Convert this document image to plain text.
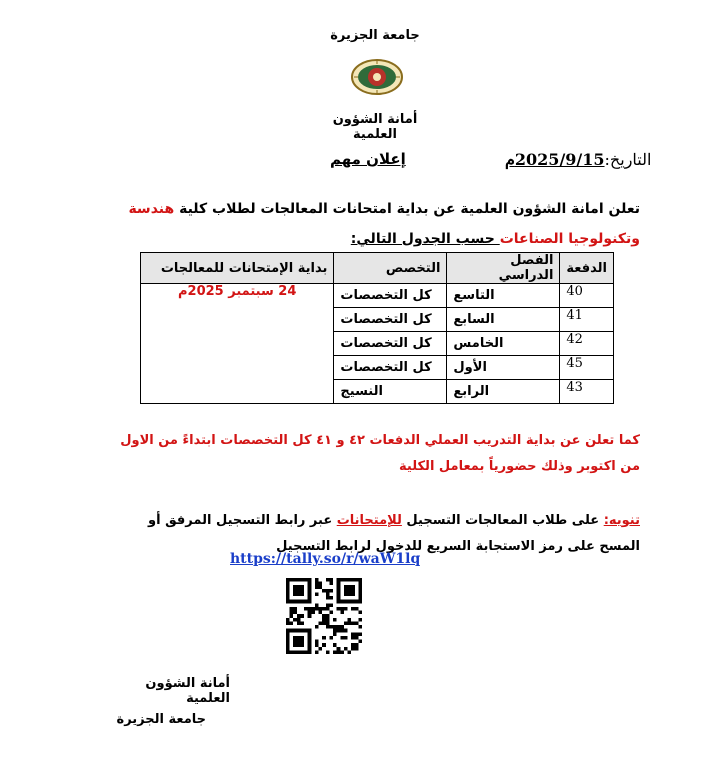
جامعة الجزيرة
أمانة الشؤون العلمية
التاريخ:2025/9/15م
إعلان مهم
تعلن امانة الشؤون العلمية عن بداية امتحانات المعالجات لطلاب كلية هندسة وتكنولوجيا الصناعات حسب الجدول التالي:
الدفعة	الفصل الدراسي	التخصص	بداية الإمتحانات للمعالجات
40	التاسع	كل التخصصات	24 سبتمبر 2025م
41	السابع	كل التخصصات	
42	الخامس	كل التخصصات	
45	الأول	كل التخصصات	
43	الرابع	النسيج	
كما تعلن عن بداية التدريب العملي الدفعات ٤٢ و ٤١ كل التخصصات ابتداءً من الاول من اكتوبر وذلك حضورياً بمعامل الكلية
تنويه: على طلاب المعالجات التسجيل للإمتحانات عبر رابط التسجيل المرفق أو المسح على رمز الاستجابة السريع للدخول لرابط التسجيل
https://tally.so/r/waW1lq
أمانة الشؤون العلمية
جامعة الجزيرة
